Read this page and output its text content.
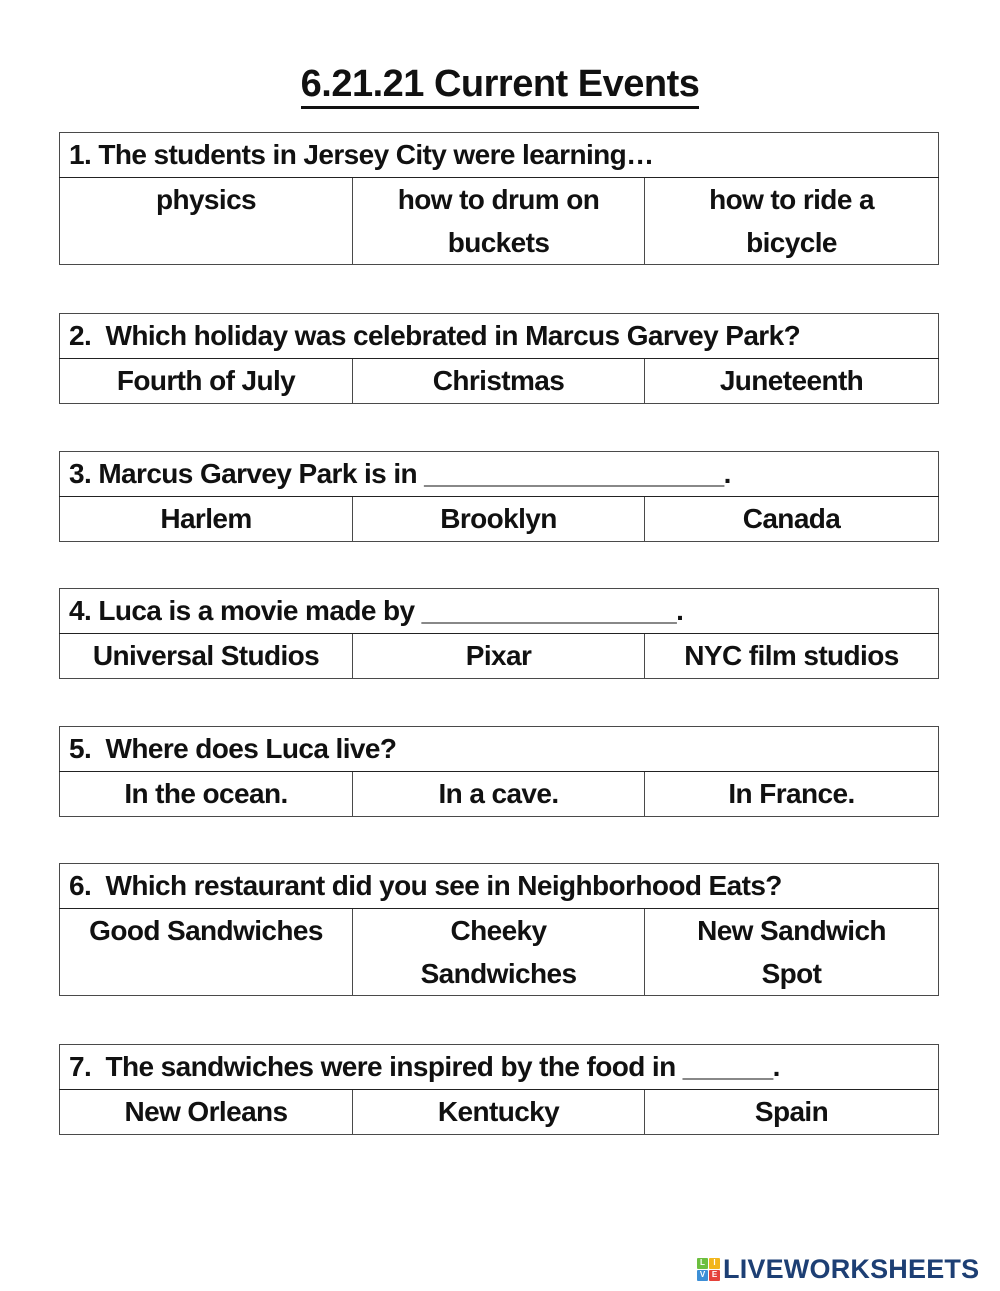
6.21.21 Current Events
1. The students in Jersey City were learning…
physics	how to drum on buckets	how to ride a bicycle
2.  Which holiday was celebrated in Marcus Garvey Park?
Fourth of July	Christmas	Juneteenth
3. Marcus Garvey Park is in ____________________.
Harlem	Brooklyn	Canada
4. Luca is a movie made by _________________.
Universal Studios	Pixar	NYC film studios
5.  Where does Luca live?
In the ocean.	In a cave.	In France.
6.  Which restaurant did you see in Neighborhood Eats?
Good Sandwiches	Cheeky Sandwiches	New Sandwich Spot
7.  The sandwiches were inspired by the food in ______.
New Orleans	Kentucky	Spain
L	I
V E LIVEWORKSHEETS
